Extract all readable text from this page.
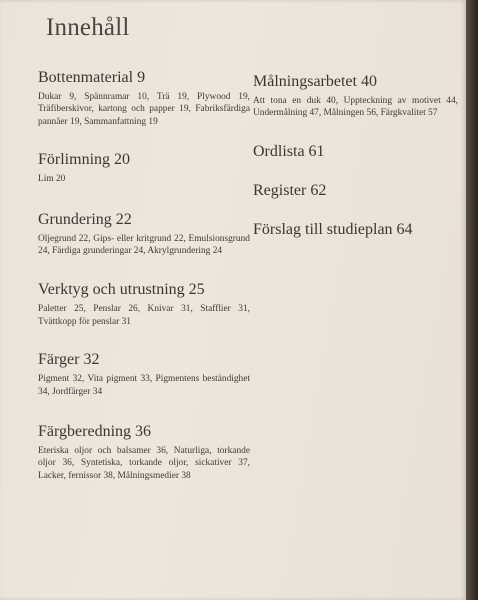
Innehåll
Bottenmaterial 9
Dukar 9, Spännramar 10, Trä 19, Plywood 19, Träfiberskivor, kartong och papper 19, Fabriksfärdiga pannåer 19, Sammanfattning 19
Förlimning 20
Lim 20
Grundering 22
Oljegrund 22, Gips- eller kritgrund 22, Emulsionsgrund 24, Färdiga grunderingar 24, Akrylgrundering 24
Verktyg och utrustning 25
Paletter 25, Penslar 26, Knivar 31, Stafflier 31, Tvättkopp för penslar 31
Färger 32
Pigment 32, Vita pigment 33, Pigmentens beständighet 34, Jordfärger 34
Färgberedning 36
Eteriska oljor och balsamer 36, Naturliga, torkande oljor 36, Syntetiska, torkande oljor, sickativer 37, Lacker, fernissor 38, Målningsmedier 38
Målningsarbetet 40
Att tona en duk 40, Uppteckning av motivet 44, Undermålning 47, Målningen 56, Färgkvalitet 57
Ordlista 61
Register 62
Förslag till studieplan 64
